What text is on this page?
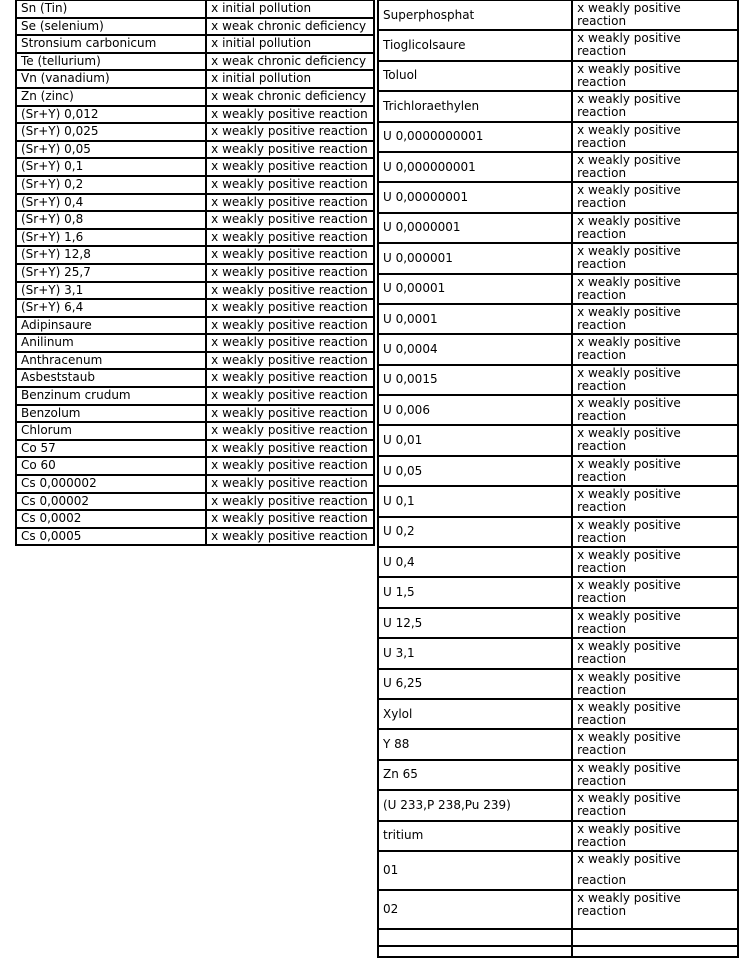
Sn (Tin)	x initial pollution
Se (selenium)	x weak chronic deficiency
Stronsium carbonicum	x initial pollution
Te (tellurium)	x weak chronic deficiency
Vn (vanadium)	x initial pollution
Zn (zinc)	x weak chronic deficiency
(Sr+Y) 0,012	x weakly positive reaction
(Sr+Y) 0,025	x weakly positive reaction
(Sr+Y) 0,05	x weakly positive reaction
(Sr+Y) 0,1	x weakly positive reaction
(Sr+Y) 0,2	x weakly positive reaction
(Sr+Y) 0,4	x weakly positive reaction
(Sr+Y) 0,8	x weakly positive reaction
(Sr+Y) 1,6	x weakly positive reaction
(Sr+Y) 12,8	x weakly positive reaction
(Sr+Y) 25,7	x weakly positive reaction
(Sr+Y) 3,1	x weakly positive reaction
(Sr+Y) 6,4	x weakly positive reaction
Adipinsaure	x weakly positive reaction
Anilinum	x weakly positive reaction
Anthracenum	x weakly positive reaction
Asbeststaub	x weakly positive reaction
Benzinum crudum	x weakly positive reaction
Benzolum	x weakly positive reaction
Chlorum	x weakly positive reaction
Co 57	x weakly positive reaction
Co 60	x weakly positive reaction
Cs 0,000002	x weakly positive reaction
Cs 0,00002	x weakly positive reaction
Cs 0,0002	x weakly positive reaction
Cs 0,0005	x weakly positive reaction

Superphosphat	x weakly positive reaction
Tioglicolsaure	x weakly positive reaction
Toluol	x weakly positive reaction
Trichloraethylen	x weakly positive reaction
U 0,0000000001	x weakly positive reaction
U 0,000000001	x weakly positive reaction
U 0,00000001	x weakly positive reaction
U 0,0000001	x weakly positive reaction
U 0,000001	x weakly positive reaction
U 0,00001	x weakly positive reaction
U 0,0001	x weakly positive reaction
U 0,0004	x weakly positive reaction
U 0,0015	x weakly positive reaction
U 0,006	x weakly positive reaction
U 0,01	x weakly positive reaction
U 0,05	x weakly positive reaction
U 0,1	x weakly positive reaction
U 0,2	x weakly positive reaction
U 0,4	x weakly positive reaction
U 1,5	x weakly positive reaction
U 12,5	x weakly positive reaction
U 3,1	x weakly positive reaction
U 6,25	x weakly positive reaction
Xylol	x weakly positive reaction
Y 88	x weakly positive reaction
Zn 65	x weakly positive reaction
(U 233,P 238,Pu 239)	x weakly positive reaction
tritium	x weakly positive reaction
01	x weakly positive
reaction

02	x weakly positive reaction
